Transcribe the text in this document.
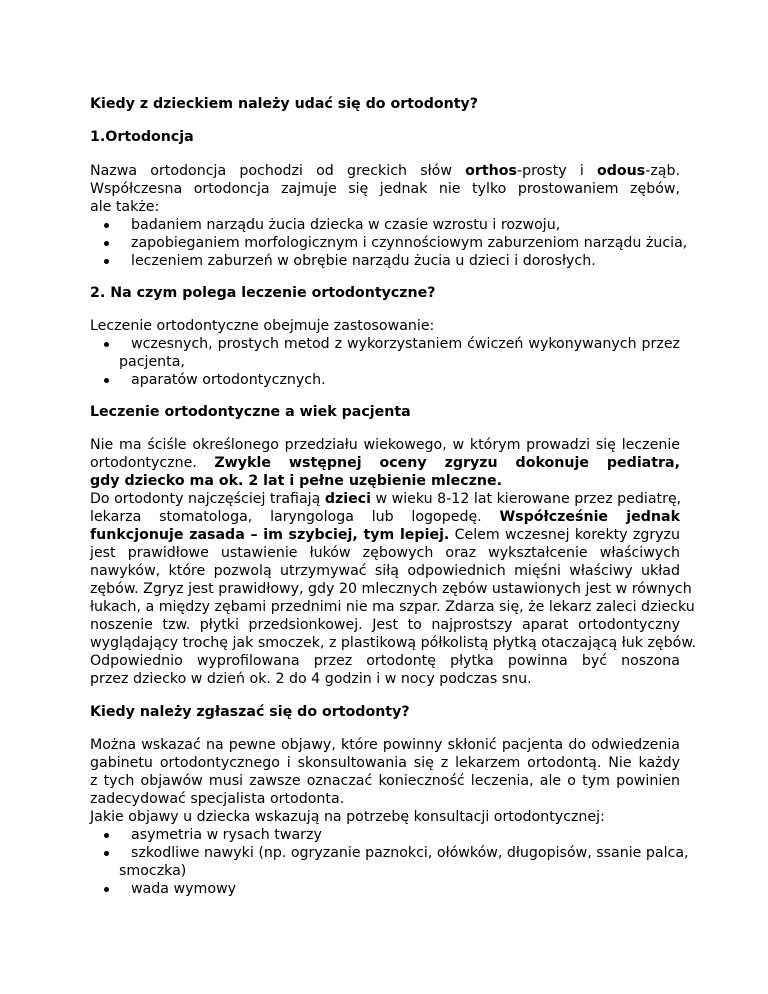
Kiedy z dzieckiem należy udać się do ortodonty?
1.Ortodoncja
Nazwa ortodoncja pochodzi od greckich słów orthos-prosty i odous-ząb.
Współczesna ortodoncja zajmuje się jednak nie tylko prostowaniem zębów,
ale także:
badaniem narządu żucia dziecka w czasie wzrostu i rozwoju,
zapobieganiem morfologicznym i czynnościowym zaburzeniom narządu żucia,
leczeniem zaburzeń w obrębie narządu żucia u dzieci i dorosłych.
2. Na czym polega leczenie ortodontyczne?
Leczenie ortodontyczne obejmuje zastosowanie:
wczesnych, prostych metod z wykorzystaniem ćwiczeń wykonywanych przez
pacjenta,
aparatów ortodontycznych.
Leczenie ortodontyczne a wiek pacjenta
Nie ma ściśle określonego przedziału wiekowego, w którym prowadzi się leczenie
ortodontyczne. Zwykle wstępnej oceny zgryzu dokonuje pediatra,
gdy dziecko ma ok. 2 lat i pełne uzębienie mleczne.
Do ortodonty najczęściej trafiają dzieci w wieku 8-12 lat kierowane przez pediatrę,
lekarza stomatologa, laryngologa lub logopedę. Współcześnie jednak
funkcjonuje zasada – im szybciej, tym lepiej. Celem wczesnej korekty zgryzu
jest prawidłowe ustawienie łuków zębowych oraz wykształcenie właściwych
nawyków, które pozwolą utrzymywać siłą odpowiednich mięśni właściwy układ
zębów. Zgryz jest prawidłowy, gdy 20 mlecznych zębów ustawionych jest w równych
łukach, a między zębami przednimi nie ma szpar. Zdarza się, że lekarz zaleci dziecku
noszenie tzw. płytki przedsionkowej. Jest to najprostszy aparat ortodontyczny
wyglądający trochę jak smoczek, z plastikową półkolistą płytką otaczającą łuk zębów.
Odpowiednio wyprofilowana przez ortodontę płytka powinna być noszona
przez dziecko w dzień ok. 2 do 4 godzin i w nocy podczas snu.
Kiedy należy zgłaszać się do ortodonty?
Można wskazać na pewne objawy, które powinny skłonić pacjenta do odwiedzenia
gabinetu ortodontycznego i skonsultowania się z lekarzem ortodontą. Nie każdy
z tych objawów musi zawsze oznaczać konieczność leczenia, ale o tym powinien
zadecydować specjalista ortodonta.
Jakie objawy u dziecka wskazują na potrzebę konsultacji ortodontycznej:
asymetria w rysach twarzy
szkodliwe nawyki (np. ogryzanie paznokci, ołówków, długopisów, ssanie palca,
smoczka)
wada wymowy
